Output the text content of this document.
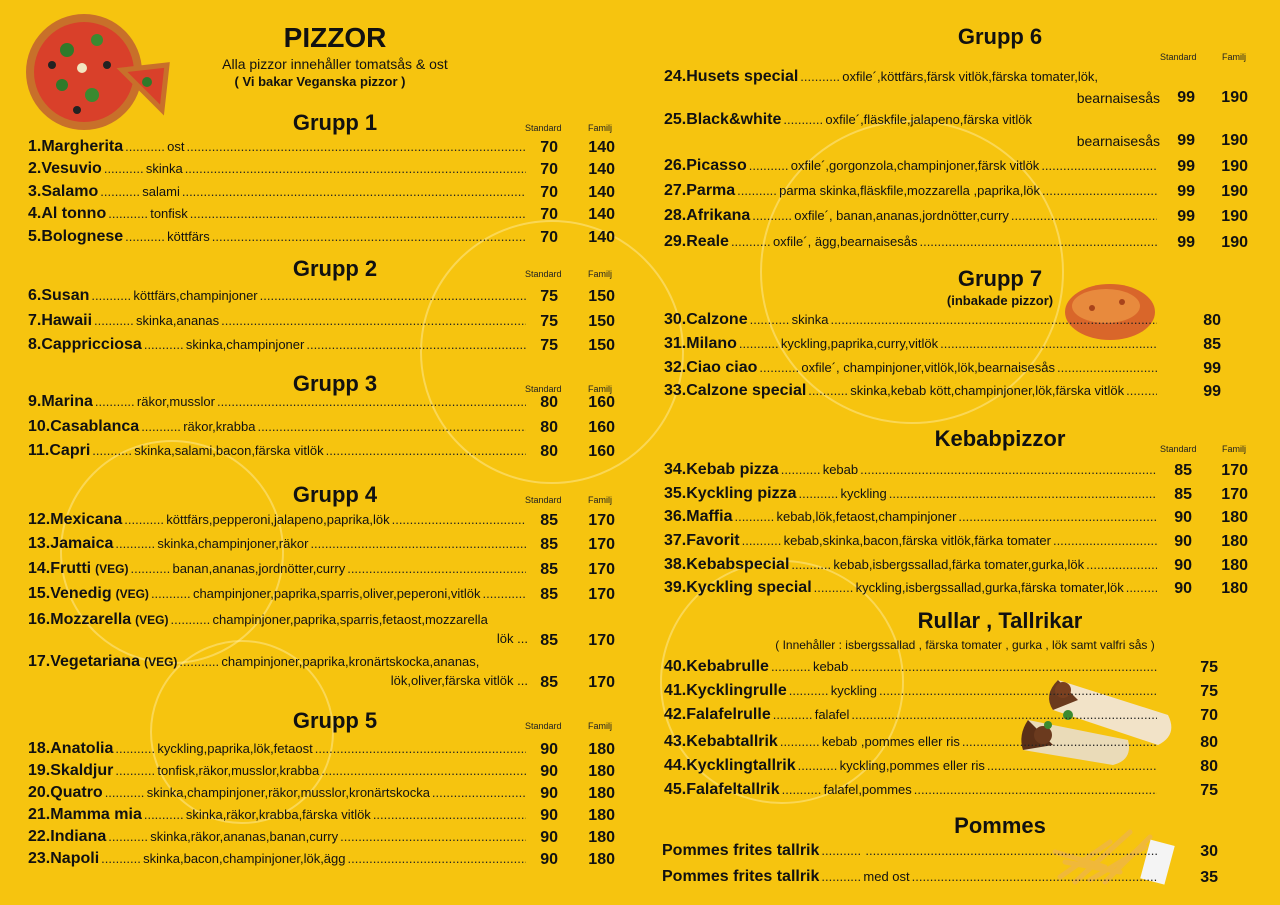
PIZZOR
Alla pizzor innehåller tomatsås & ost
( Vi bakar Veganska pizzor )
Grupp 1	Standard	Familj
1.Margherita .....	ost .....	70	140
2.Vesuvio .....	skinka .....	70	140
3.Salamo .....	salami .....	70	140
4.Al tonno .....	tonfisk .....	70	140
5.Bolognese .....	köttfärs .....	70	140
Grupp 2	Standard	Familj
6.Susan .....	köttfärs,champinjoner .....	75	150
7.Hawaii .....	skinka,ananas .....	75	150
8.Cappricciosa .....	skinka,champinjoner .....	75	150
Grupp 3	Standard	Familj
9.Marina .....	räkor,musslor .....	80	160
10.Casablanca .....	räkor,krabba .....	80	160
11.Capri .....	skinka,salami,bacon,färska vitlök .....	80	160
Grupp 4	Standard	Familj
12.Mexicana .....	köttfärs,pepperoni,jalapeno,paprika,lök .....	85	170
13.Jamaica .....	skinka,champinjoner,räkor .....	85	170
14.Frutti (VEG) .....	banan,ananas,jordnötter,curry .....	85	170
15.Venedig (VEG) .....	champinjoner,paprika,sparris,oliver,peperoni,vitlök .....	85	170
16.Mozzarella (VEG) .....	champinjoner,paprika,sparris,fetaost,mozzarella
lök ... 85	170
17.Vegetariana (VEG) .....	champinjoner,paprika,kronärtskocka,ananas,
lök,oliver,färska vitlök ... 85	170
Grupp 5	Standard	Familj
18.Anatolia .....	kyckling,paprika,lök,fetaost .....	90	180
19.Skaldjur .....	tonfisk,räkor,musslor,krabba .....	90	180
20.Quatro .....	skinka,champinjoner,räkor,musslor,kronärtskocka .....	90	180
21.Mamma mia .....	skinka,räkor,krabba,färska vitlök .....	90	180
22.Indiana .....	skinka,räkor,ananas,banan,curry .....	90	180
23.Napoli .....	skinka,bacon,champinjoner,lök,ägg .....	90	180
Grupp 6
Standard	Familj
24.Husets special .....	oxfile´,köttfärs,färsk vitlök,färska tomater,lök,
bearnaisesås	99	190
25.Black&white .....	oxfile´,fläskfile,jalapeno,färska vitlök
bearnaisesås	99	190
26.Picasso .....	oxfile´,gorgonzola,champinjoner,färsk vitlök .....	99	190
27.Parma .....	parma skinka,fläskfile,mozzarella ,paprika,lök .....	99	190
28.Afrikana .....	oxfile´, banan,ananas,jordnötter,curry .....	99	190
29.Reale .....	oxfile´, ägg,bearnaisesås .....	99	190
Grupp 7
(inbakade pizzor)
30.Calzone .....	skinka .....	80
31.Milano .....	kyckling,paprika,curry,vitlök .....	85
32.Ciao ciao .....	oxfile´, champinjoner,vitlök,lök,bearnaisesås .....	99
33.Calzone special .....	skinka,kebab kött,champinjoner,lök,färska vitlök .....	99
Kebabpizzor	Standard	Familj
34.Kebab pizza .....	kebab .....	85	170
35.Kyckling pizza .....	kyckling .....	85	170
36.Maffia .....	kebab,lök,fetaost,champinjoner .....	90	180
37.Favorit .....	kebab,skinka,bacon,färska vitlök,färka tomater .....	90	180
38.Kebabspecial .....	kebab,isbergssallad,färka tomater,gurka,lök .....	90	180
39.Kyckling special .....	kyckling,isbergssallad,gurka,färska tomater,lök .....	90	180
Rullar , Tallrikar
( Innehåller : isbergssallad , färska tomater , gurka , lök samt valfri sås )
40.Kebabrulle .....	kebab .....	75
41.Kycklingrulle .....	kyckling .....	75
42.Falafelrulle .....	falafel .....	70
43.Kebabtallrik .....	kebab ,pommes eller ris .....	80
44.Kycklingtallrik .....	kyckling,pommes eller ris .....	80
45.Falafeltallrik .....	falafel,pommes .....	75
Pommes
Pommes frites tallrik ..... .....	30
Pommes frites tallrik .....	med ost .....	35
